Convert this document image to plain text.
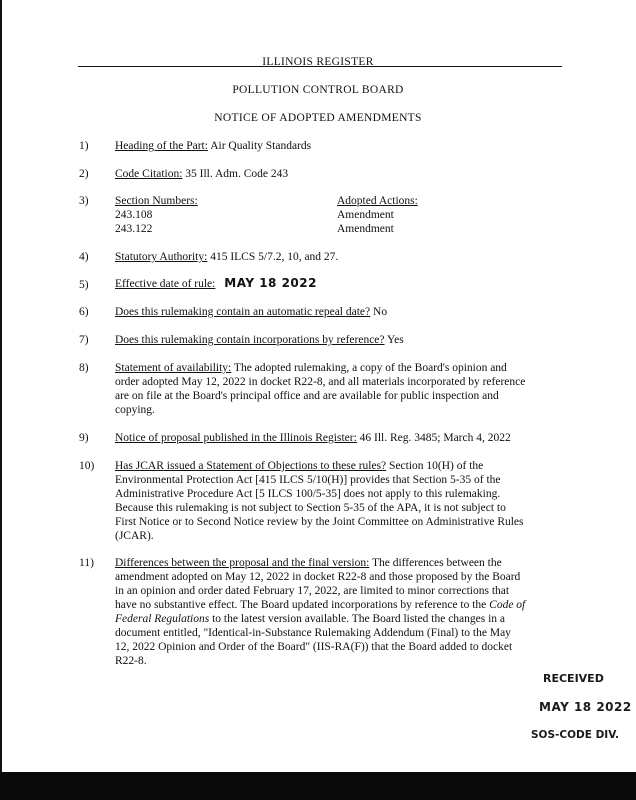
ILLINOIS REGISTER
POLLUTION CONTROL BOARD
NOTICE OF ADOPTED AMENDMENTS
1)	Heading of the Part: Air Quality Standards
2)	Code Citation: 35 Ill. Adm. Code 243
3)	Section Numbers:	Adopted Actions:
243.108	Amendment
243.122	Amendment
4)	Statutory Authority: 415 ILCS 5/7.2, 10, and 27.
5)	Effective date of rule: MAY 18 2022
6)	Does this rulemaking contain an automatic repeal date? No
7)	Does this rulemaking contain incorporations by reference? Yes
8)	Statement of availability: The adopted rulemaking, a copy of the Board's opinion and
order adopted May 12, 2022 in docket R22-8, and all materials incorporated by reference
are on file at the Board's principal office and are available for public inspection and
copying.
9)	Notice of proposal published in the Illinois Register: 46 Ill. Reg. 3485; March 4, 2022
10)	Has JCAR issued a Statement of Objections to these rules? Section 10(H) of the
Environmental Protection Act [415 ILCS 5/10(H)] provides that Section 5-35 of the
Administrative Procedure Act [5 ILCS 100/5-35] does not apply to this rulemaking.
Because this rulemaking is not subject to Section 5-35 of the APA, it is not subject to
First Notice or to Second Notice review by the Joint Committee on Administrative Rules
(JCAR).
11)	Differences between the proposal and the final version: The differences between the
amendment adopted on May 12, 2022 in docket R22-8 and those proposed by the Board
in an opinion and order dated February 17, 2022, are limited to minor corrections that
have no substantive effect. The Board updated incorporations by reference to the Code of
Federal Regulations to the latest version available. The Board listed the changes in a
document entitled, "Identical-in-Substance Rulemaking Addendum (Final) to the May
12, 2022 Opinion and Order of the Board" (IIS-RA(F)) that the Board added to docket
R22-8.
RECEIVED
MAY 18 2022
SOS-CODE DIV.
